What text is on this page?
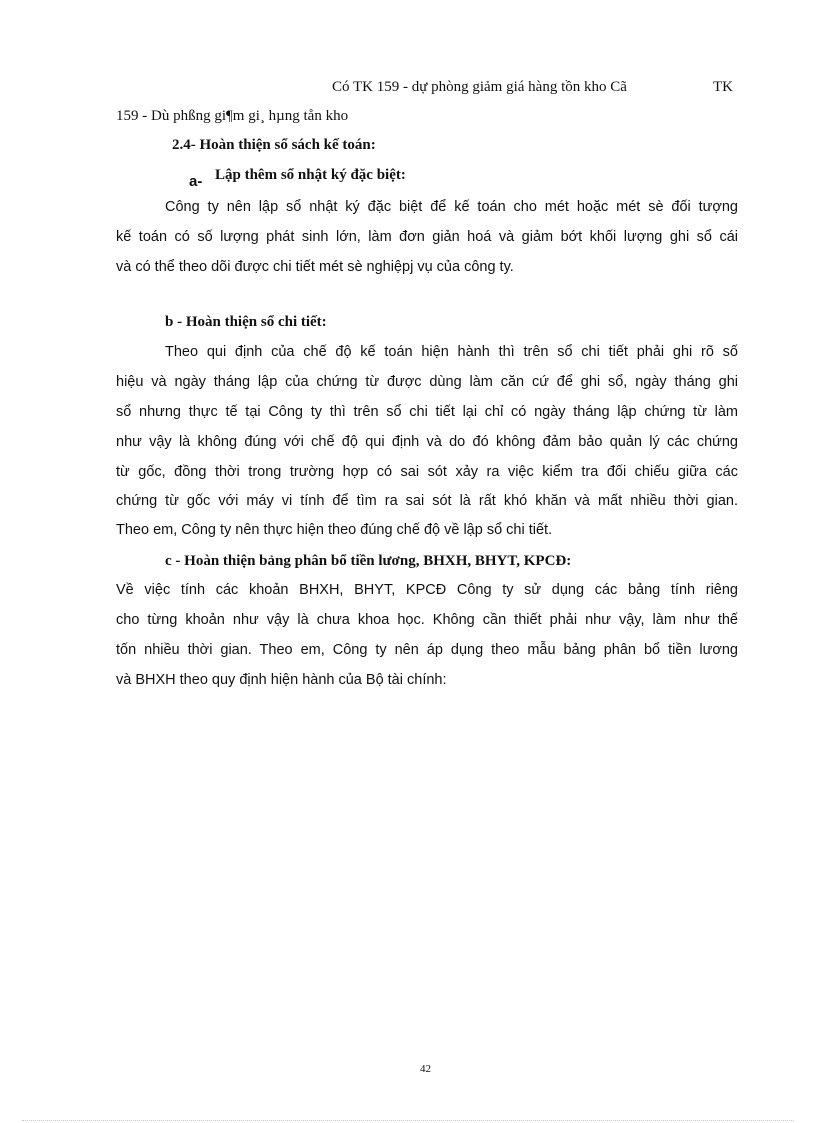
Có TK 159 - dự phòng giảm giá hàng tồn kho Cã	TK
159 - Dù phßng gi¶m gi¸ hµng tån kho
2.4- Hoàn thiện sổ sách kế toán:
a- Lập thêm sổ nhật ký đặc biệt:
Công ty nên lập sổ nhật ký đặc biệt để kế toán cho mét hoặc mét sè đối tượng
kế toán có số lượng phát sinh lớn, làm đơn giản hoá và giảm bớt khối lượng ghi sổ cái
và có thể theo dõi được chi tiết mét sè nghiệpj vụ của công ty.
b - Hoàn thiện sổ chi tiết:
Theo qui định của chế độ kế toán hiện hành thì trên sổ chi tiết phải ghi rõ số
hiệu và ngày tháng lập của chứng từ được dùng làm căn cứ để ghi sổ, ngày tháng ghi
sổ nhưng thực tế tại Công ty thì trên sổ chi tiết lại chỉ có ngày tháng lập chứng từ làm
như vậy là không đúng với chế độ qui định và do đó không đảm bảo quản lý các chứng
từ gốc, đồng thời trong trường hợp có sai sót xảy ra việc kiểm tra đối chiếu giữa các
chứng từ gốc với máy vi tính để tìm ra sai sót là rất khó khăn và mất nhiều thời gian.
Theo em, Công ty nên thực hiện theo đúng chế độ về lập sổ chi tiết.
c - Hoàn thiện bảng phân bổ tiền lương, BHXH, BHYT, KPCĐ:
Về việc tính các khoản BHXH, BHYT, KPCĐ Công ty sử dụng các bảng tính riêng
cho từng khoản như vậy là chưa khoa học. Không cần thiết phải như vậy, làm như thế
tốn nhiều thời gian. Theo em, Công ty nên áp dụng theo mẫu bảng phân bổ tiền lương
và BHXH theo quy định hiện hành của Bộ tài chính:
42
